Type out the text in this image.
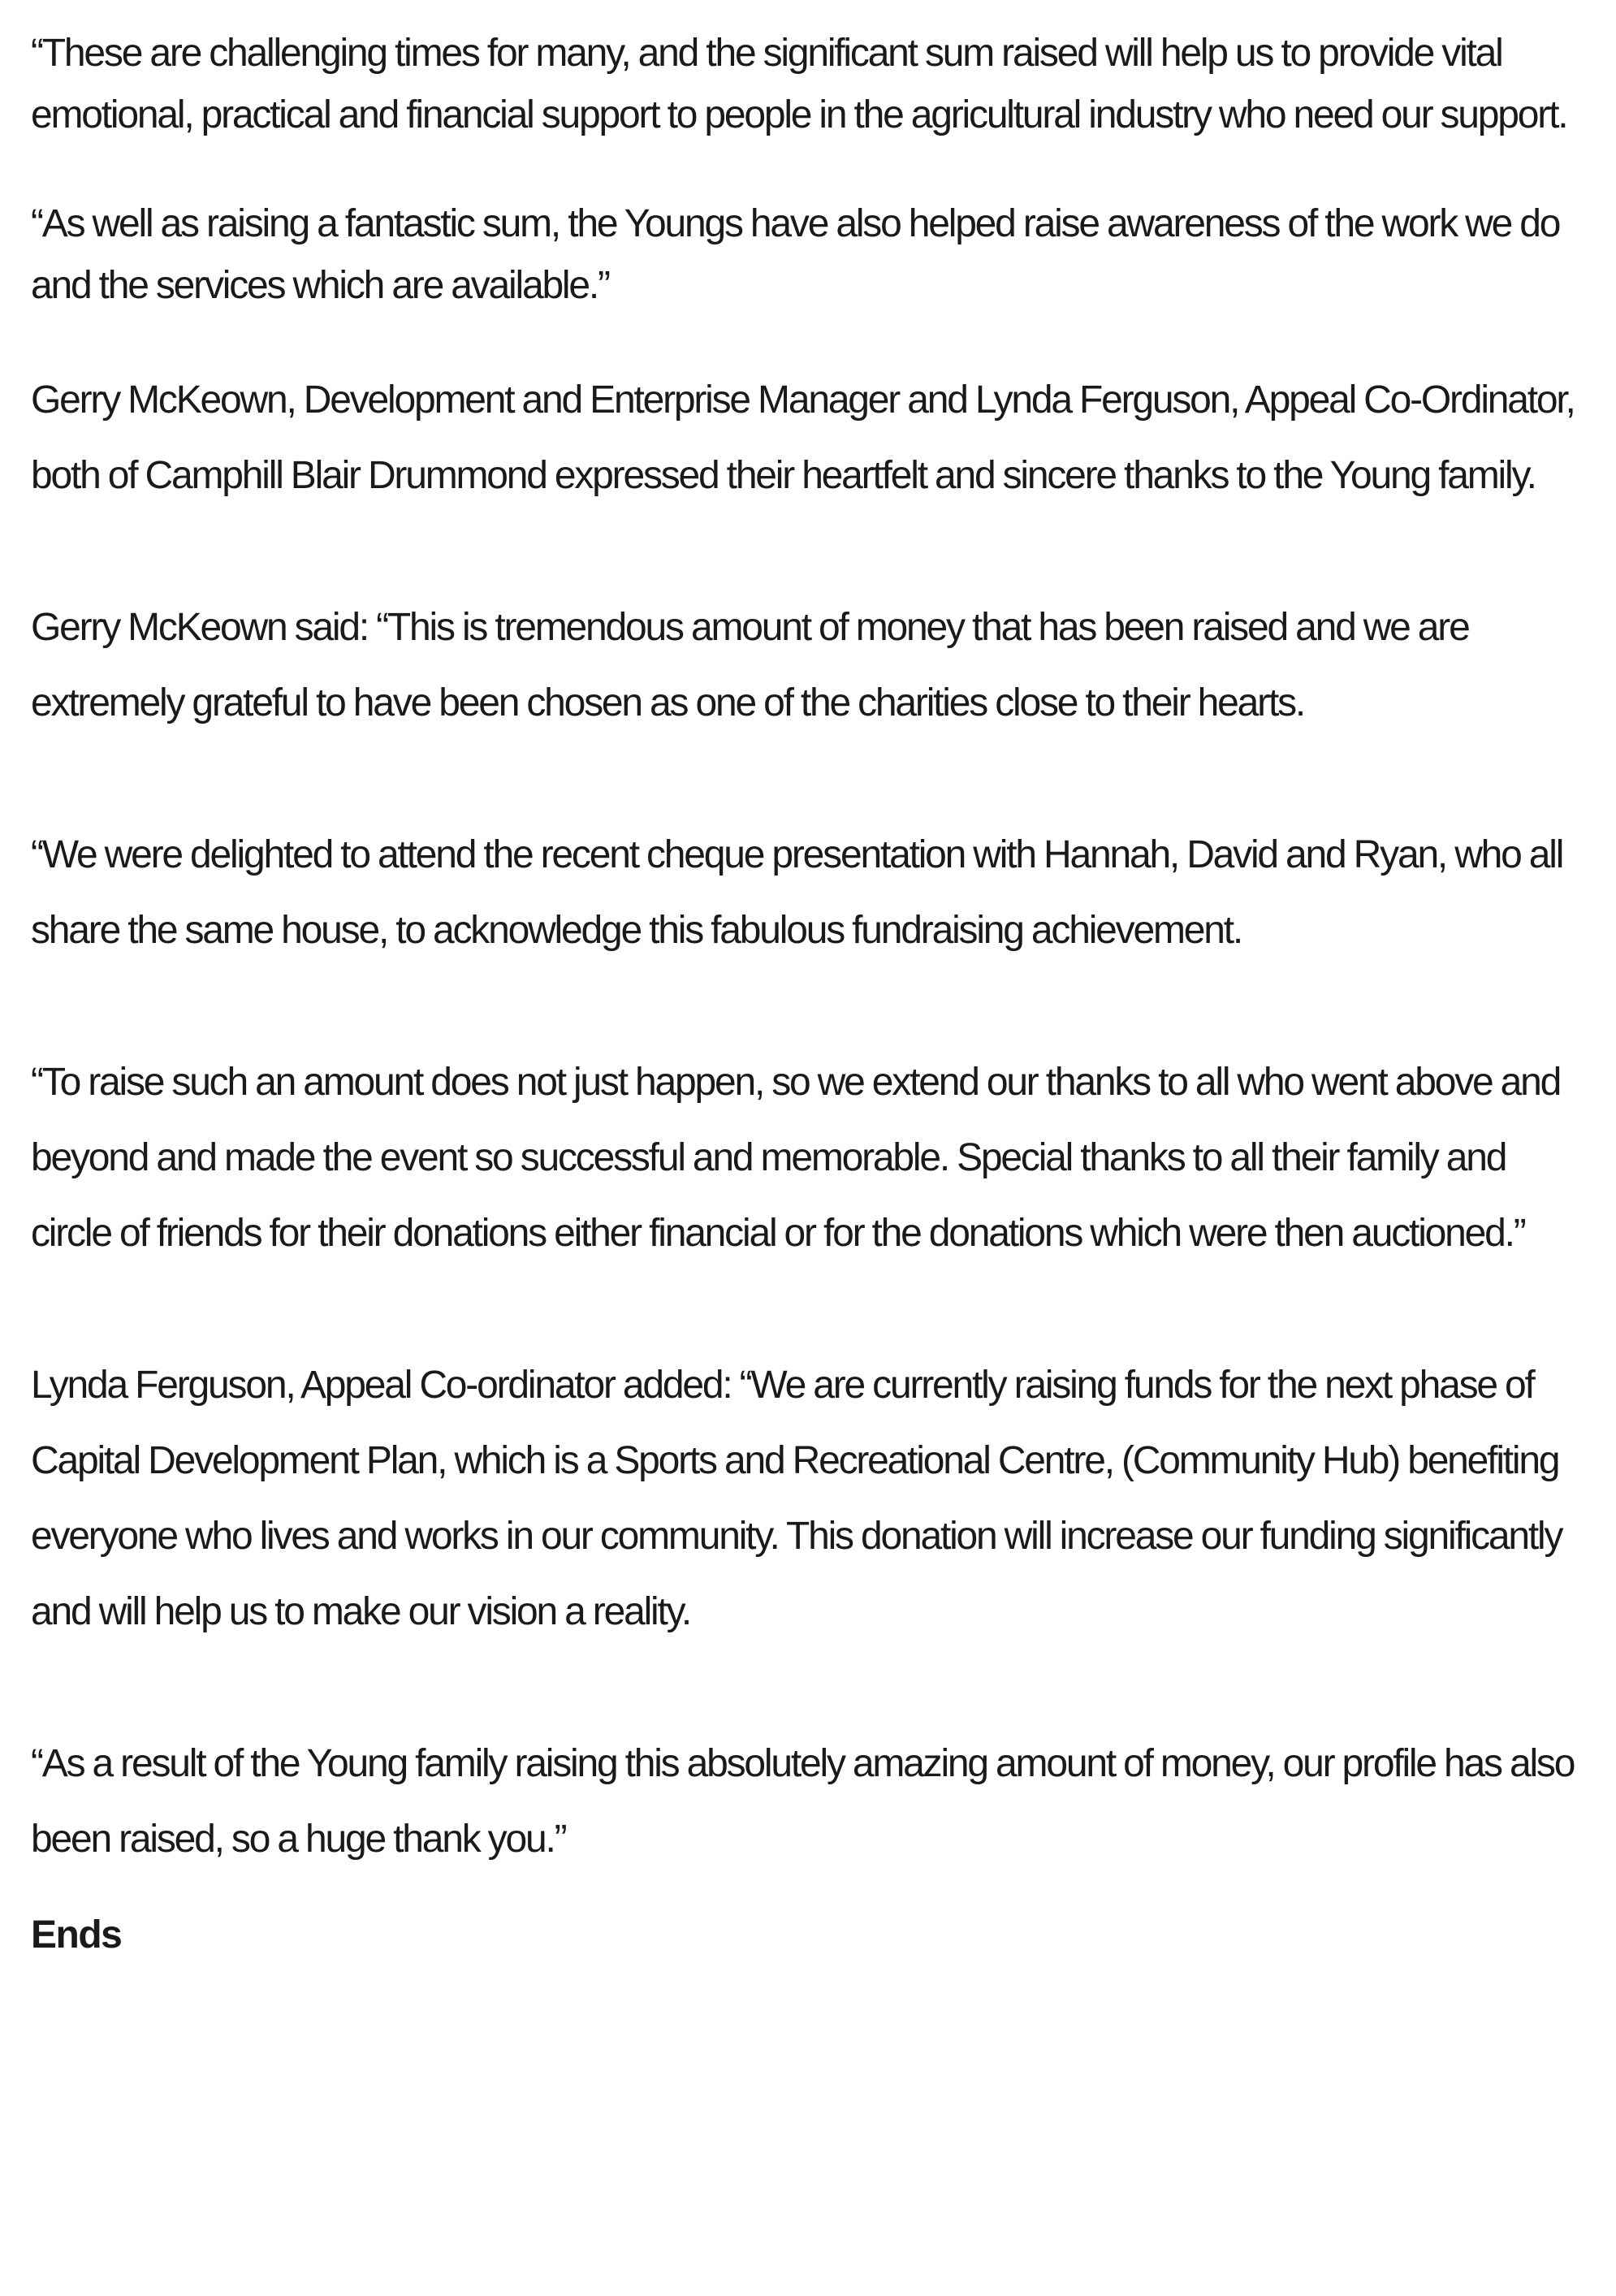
“These are challenging times for many, and the significant sum raised will help us to provide vital emotional, practical and financial support to people in the agricultural industry who need our support.

“As well as raising a fantastic sum, the Youngs have also helped raise awareness of the work we do and the services which are available.”

Gerry McKeown, Development and Enterprise Manager and Lynda Ferguson, Appeal Co-Ordinator, both of Camphill Blair Drummond expressed their heartfelt and sincere thanks to the Young family.

Gerry McKeown said: “This is tremendous amount of money that has been raised and we are extremely grateful to have been chosen as one of the charities close to their hearts.

“We were delighted to attend the recent cheque presentation with Hannah, David and Ryan, who all share the same house, to acknowledge this fabulous fundraising achievement.

“To raise such an amount does not just happen, so we extend our thanks to all who went above and beyond and made the event so successful and memorable. Special thanks to all their family and circle of friends for their donations either financial or for the donations which were then auctioned.”

Lynda Ferguson, Appeal Co-ordinator added: “We are currently raising funds for the next phase of Capital Development Plan, which is a Sports and Recreational Centre, (Community Hub) benefiting everyone who lives and works in our community. This donation will increase our funding significantly and will help us to make our vision a reality.

“As a result of the Young family raising this absolutely amazing amount of money, our profile has also been raised, so a huge thank you.”

Ends
